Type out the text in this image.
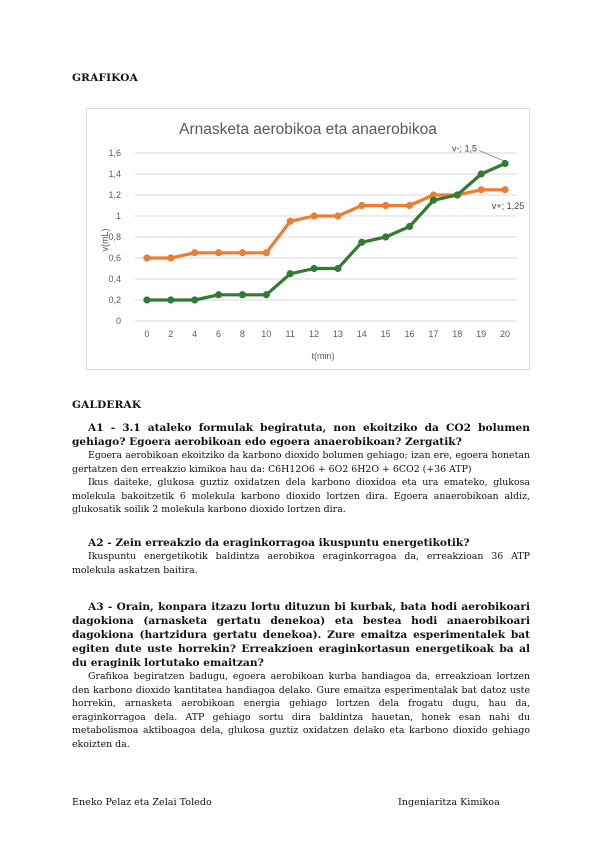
GRAFIKOA
Arnasketa aerobikoa eta anaerobikoa
0
0,2
0,4
0,6
0,8
1
1,2
1,4
1,6
0 2 4 6 8 10 11 12 13 14 15 16 17 18 19 20
v(mL)
t(min)
v-; 1,5
v+; 1,25
GALDERAK
A1 - 3.1 ataleko formulak begiratuta, non ekoitziko da CO2 bolumen gehiago? Egoera aerobikoan edo egoera anaerobikoan? Zergatik?
Egoera aerobikoan ekoitziko da karbono dioxido bolumen gehiago; izan ere, egoera honetan gertatzen den erreakzio kimikoa hau da: C6H12O6 + 6O2 6H2O + 6CO2 (+36 ATP)
Ikus daiteke, glukosa guztiz oxidatzen dela karbono dioxidoa eta ura emateko, glukosa molekula bakoitzetik 6 molekula karbono dioxido lortzen dira. Egoera anaerobikoan aldiz, glukosatik soilik 2 molekula karbono dioxido lortzen dira.
A2 - Zein erreakzio da eraginkorragoa ikuspuntu energetikotik?
Ikuspuntu energetikotik baldintza aerobikoa eraginkorragoa da, erreakzioan 36 ATP molekula askatzen baitira.
A3 - Orain, konpara itzazu lortu dituzun bi kurbak, bata hodi aerobikoari dagokiona (arnasketa gertatu denekoa) eta bestea hodi anaerobikoari dagokiona (hartzidura gertatu denekoa). Zure emaitza esperimentalek bat egiten dute uste horrekin? Erreakzioen eraginkortasun energetikoak ba al du eraginik lortutako emaitzan?
Grafikoa begiratzen badugu, egoera aerobikoan kurba handiagoa da, erreakzioan lortzen den karbono dioxido kantitatea handiagoa delako. Gure emaitza esperimentalak bat datoz uste horrekin, arnasketa aerobikoan energia gehiago lortzen dela frogatu dugu, hau da, eraginkorragoa dela. ATP gehiago sortu dira baldintza hauetan, honek esan nahi du metabolismoa aktiboagoa dela, glukosa guztiz oxidatzen delako eta karbono dioxido gehiago ekoizten da.
Eneko Pelaz eta Zelai Toledo	Ingeniaritza Kimikoa
